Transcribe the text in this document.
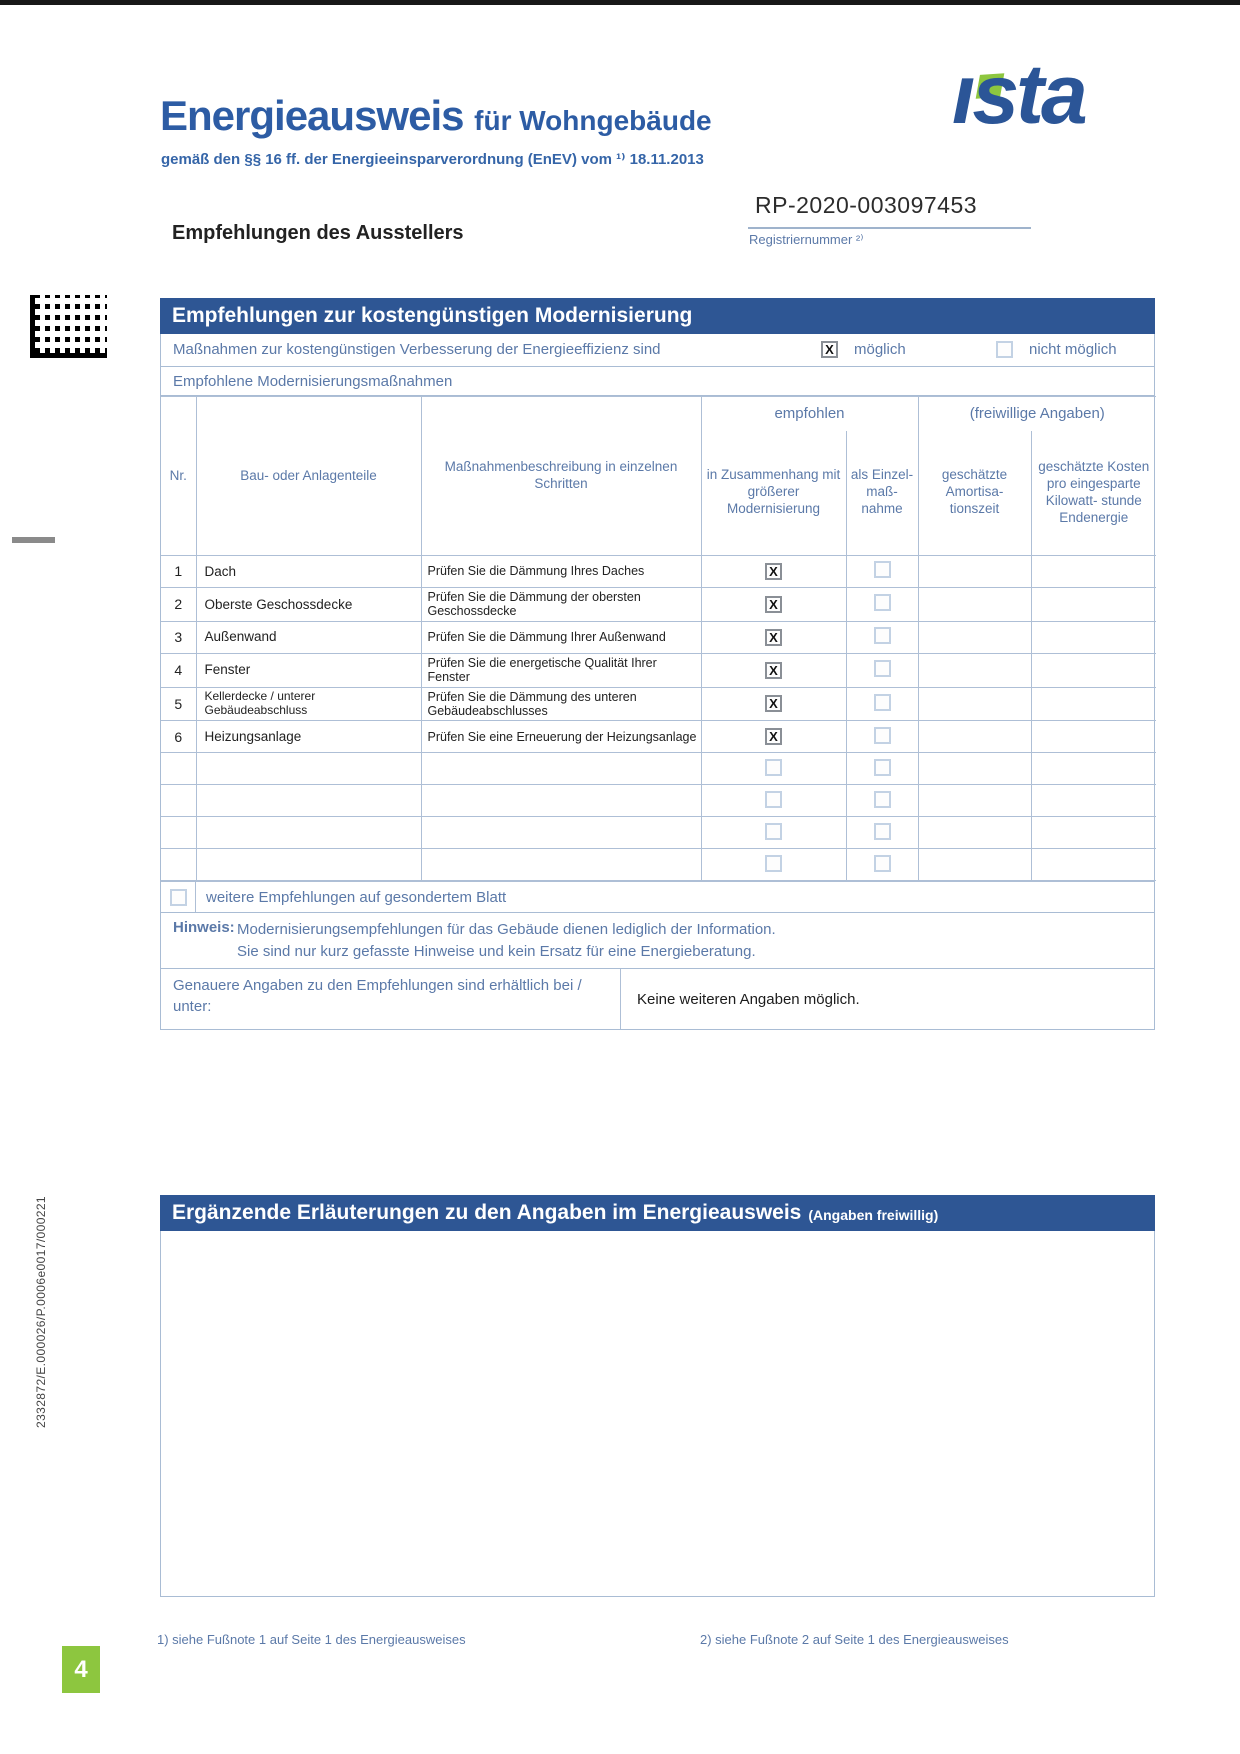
Energieausweis für Wohngebäude
gemäß den §§ 16 ff. der Energieeinsparverordnung (EnEV) vom ¹⁾ 18.11.2013
ısta
RP-2020-003097453
Registriernummer ²⁾
Empfehlungen des Ausstellers
2332872/E.000026/P.0006e0017/000221
Empfehlungen zur kostengünstigen Modernisierung
Maßnahmen zur kostengünstigen Verbesserung der Energieeffizienz sind	X möglich	nicht möglich
Empfohlene Modernisierungsmaßnahmen
Nr.	Bau- oder Anlagenteile	Maßnahmenbeschreibung in einzelnen Schritten	empfohlen		(freiwillige Angaben)	
			in Zusammenhang mit größerer Modernisierung	als Einzel- maß- nahme	geschätzte Amortisa- tionszeit	geschätzte Kosten pro eingesparte Kilowatt- stunde Endenergie
1	Dach	Prüfen Sie die Dämmung Ihres Daches	X			
2	Oberste Geschossdecke	Prüfen Sie die Dämmung der obersten Geschossdecke	X			
3	Außenwand	Prüfen Sie die Dämmung Ihrer Außenwand	X			
4	Fenster	Prüfen Sie die energetische Qualität Ihrer Fenster	X			
5	Kellerdecke / unterer Gebäudeabschluss	Prüfen Sie die Dämmung des unteren Gebäudeabschlusses	X			
6	Heizungsanlage	Prüfen Sie eine Erneuerung der Heizungsanlage	X			

weitere Empfehlungen auf gesondertem Blatt
Hinweis: Modernisierungsempfehlungen für das Gebäude dienen lediglich der Information.
Sie sind nur kurz gefasste Hinweise und kein Ersatz für eine Energieberatung.
Genauere Angaben zu den Empfehlungen sind erhältlich bei / unter:	Keine weiteren Angaben möglich.
Ergänzende Erläuterungen zu den Angaben im Energieausweis (Angaben freiwillig)
1) siehe Fußnote 1 auf Seite 1 des Energieausweises	2) siehe Fußnote 2 auf Seite 1 des Energieausweises
4
